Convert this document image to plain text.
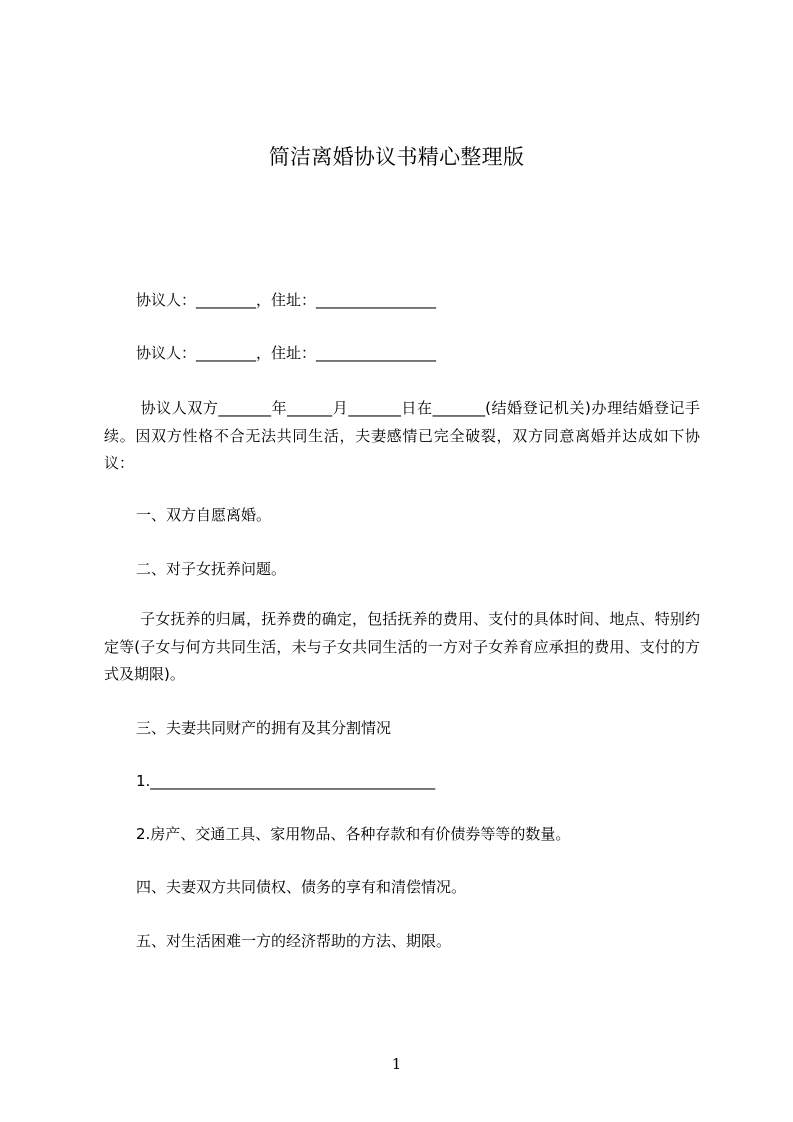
简洁离婚协议书精心整理版

协议人：________，住址：________________

协议人：________，住址：________________

协议人双方_______年______月_______日在_______(结婚登记机关)办理结婚登记手续。因双方性格不合无法共同生活，夫妻感情已完全破裂，双方同意离婚并达成如下协议：

一、双方自愿离婚。

二、对子女抚养问题。

子女抚养的归属，抚养费的确定，包括抚养的费用、支付的具体时间、地点、特别约定等(子女与何方共同生活，未与子女共同生活的一方对子女养育应承担的费用、支付的方式及期限)。

三、夫妻共同财产的拥有及其分割情况

1.______________________________________

2.房产、交通工具、家用物品、各种存款和有价债券等等的数量。

四、夫妻双方共同债权、债务的享有和清偿情况。

五、对生活困难一方的经济帮助的方法、期限。

1
